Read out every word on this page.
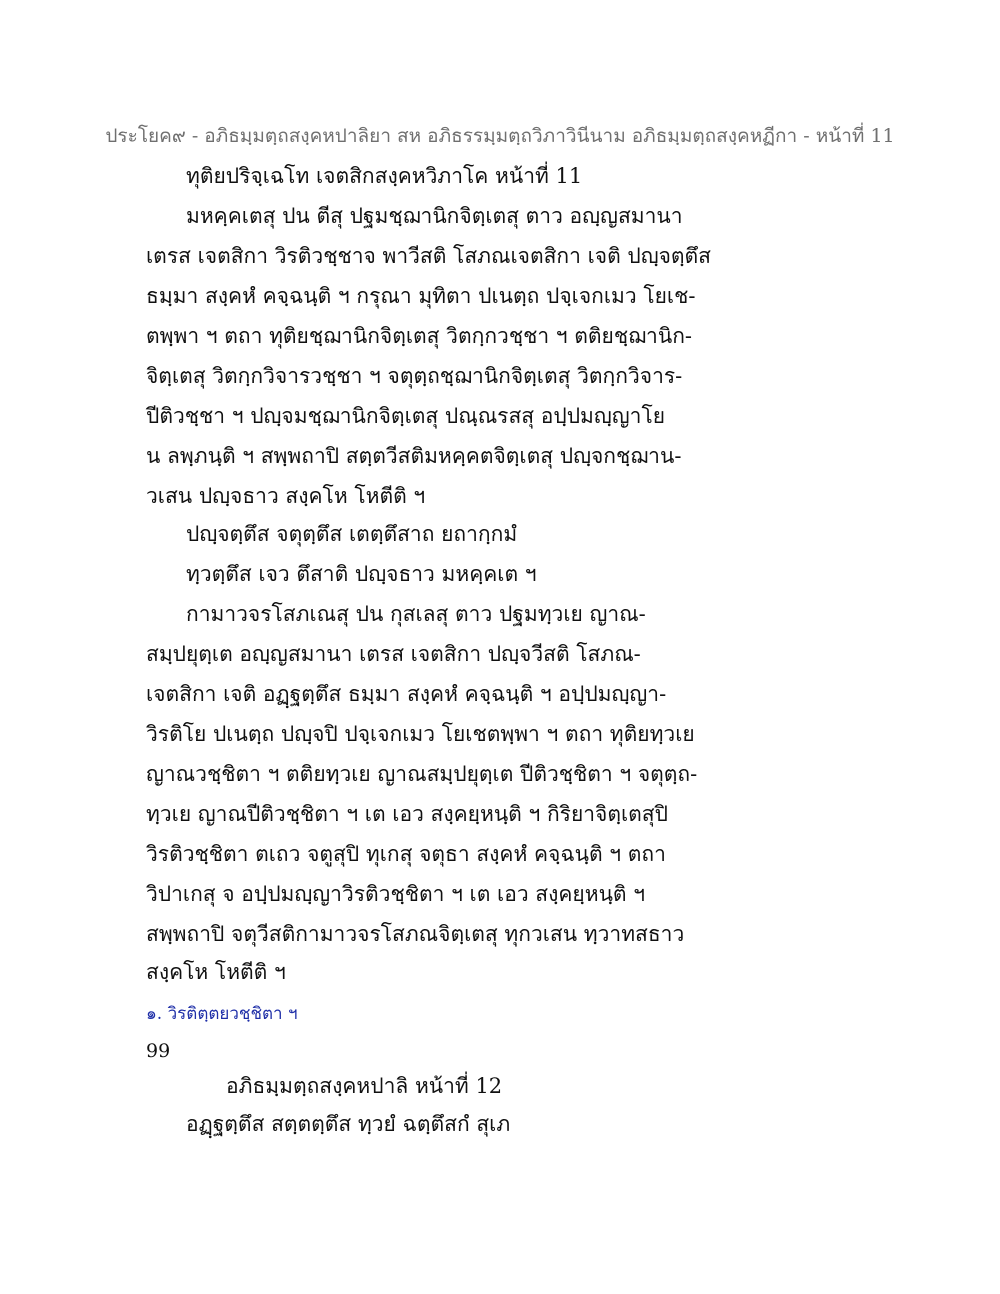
ประโยค๙ - อภิธมฺมตฺถสงฺคหปาลิยา สห อภิธรรมฺมตฺถวิภาวินีนาม อภิธมฺมตฺถสงฺคหฏีกา - หน้าที่ 11
ทุติยปริจฺเฉโท เจตสิกสงฺคหวิภาโค หน้าที่ 11
มหคฺคเตสุ ปน ตีสุ ปฐมชฺฌานิกจิตฺเตสุ ตาว อญฺญสมานา
เตรส เจตสิกา วิรติวชฺชาจ พาวีสติ โสภณเจตสิกา เจติ ปญฺจตฺตึส
ธมฺมา สงฺคหํ คจฺฉนฺติ ฯ กรุณา มุทิตา ปเนตฺถ ปจฺเจกเมว โยเช-
ตพฺพา ฯ ตถา ทุติยชฺฌานิกจิตฺเตสุ วิตกฺกวชฺชา ฯ ตติยชฺฌานิก-
จิตฺเตสุ วิตกฺกวิจารวชฺชา ฯ จตุตฺถชฺฌานิกจิตฺเตสุ วิตกฺกวิจาร-
ปีติวชฺชา ฯ ปญฺจมชฺฌานิกจิตฺเตสุ ปณฺณรสสุ อปฺปมญฺญาโย
น ลพฺภนฺติ ฯ สพฺพถาปิ สตฺตวีสติมหคฺคตจิตฺเตสุ ปญฺจกชฺฌาน-
วเสน ปญฺจธาว สงฺคโห โหตีติ ฯ
ปญฺจตฺตึส จตุตฺตึส เตตฺตึสาถ ยถากฺกมํ
ทฺวตฺตึส เจว ตึสาติ ปญฺจธาว มหคฺคเต ฯ
กามาวจรโสภเณสุ ปน กุสเลสุ ตาว ปฐมทฺวเย ญาณ-
สมฺปยุตฺเต อญฺญสมานา เตรส เจตสิกา ปญฺจวีสติ โสภณ-
เจตสิกา เจติ อฏฺฐตฺตึส ธมฺมา สงฺคหํ คจฺฉนฺติ ฯ อปฺปมญฺญา-
วิรติโย ปเนตฺถ ปญฺจปิ ปจฺเจกเมว โยเชตพฺพา ฯ ตถา ทุติยทฺวเย
ญาณวชฺชิตา ฯ ตติยทฺวเย ญาณสมฺปยุตฺเต ปีติวชฺชิตา ฯ จตุตฺถ-
ทฺวเย ญาณปีติวชฺชิตา ฯ เต เอว สงฺคยฺหนฺติ ฯ กิริยาจิตฺเตสุปิ
วิรติวชฺชิตา ตเถว จตูสุปิ ทุเกสุ จตุธา สงฺคหํ คจฺฉนฺติ ฯ ตถา
วิปาเกสุ จ อปฺปมญฺญาวิรติวชฺชิตา ฯ เต เอว สงฺคยฺหนฺติ ฯ
สพฺพถาปิ จตุวีสติกามาวจรโสภณจิตฺเตสุ ทุกวเสน ทฺวาทสธาว
สงฺคโห โหตีติ ฯ
๑. วิรติตฺตยวชฺชิตา ฯ
99
อภิธมฺมตฺถสงฺคหปาลิ หน้าที่ 12
อฏฺฐตฺตึส สตฺตตฺตึส ทฺวยํ ฉตฺตึสกํ สุเภ
